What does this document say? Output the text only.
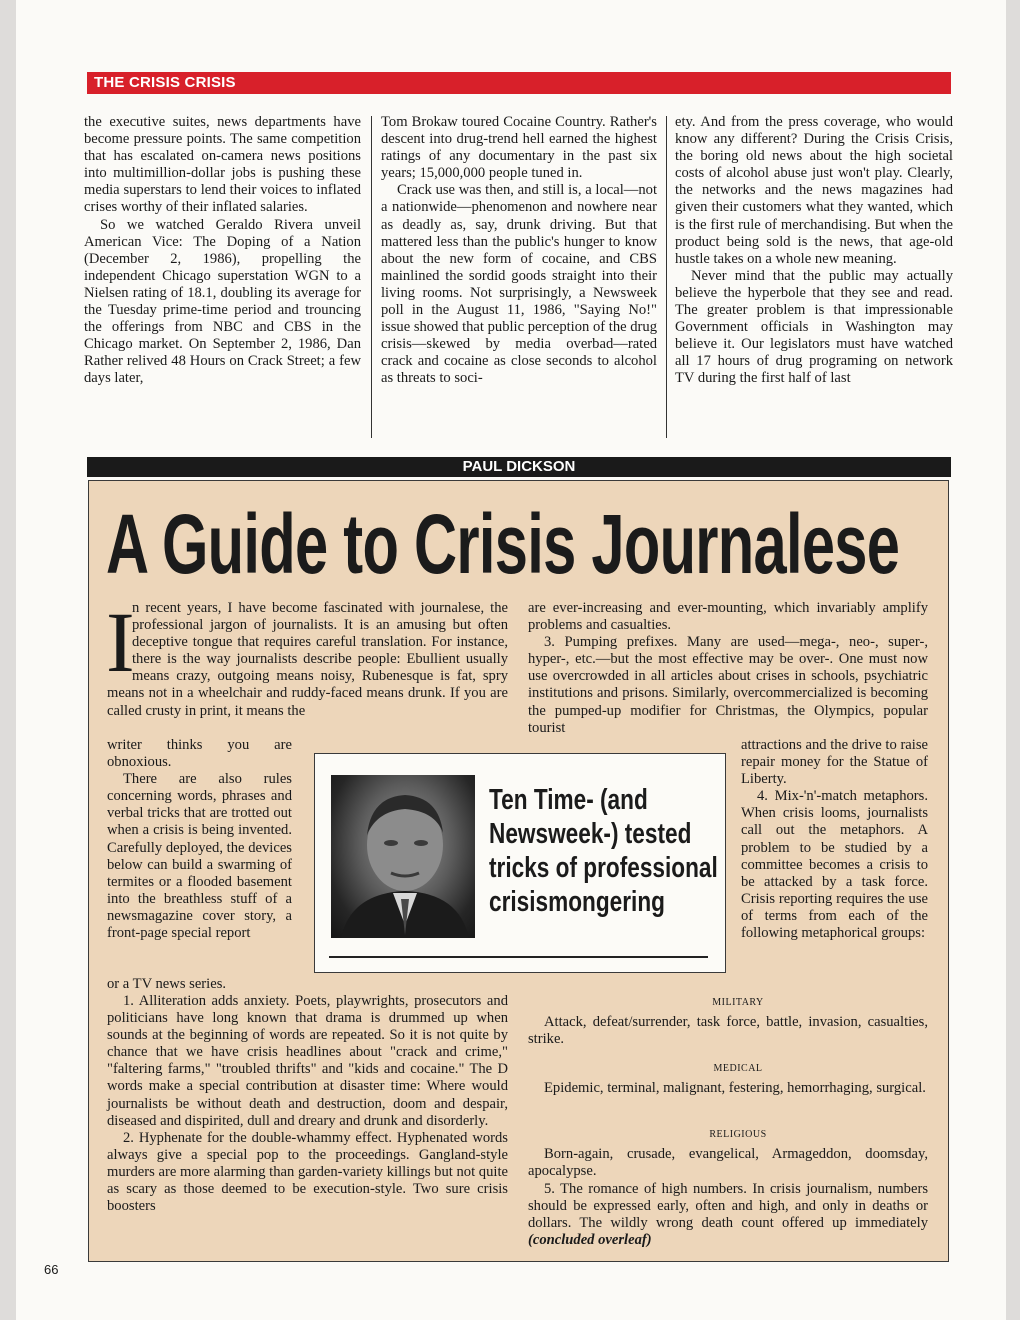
THE CRISIS CRISIS

the executive suites, news departments have become pressure points. The same competition that has escalated on-camera news positions into multimillion-dollar jobs is pushing these media superstars to lend their voices to inflated crises worthy of their inflated salaries.

So we watched Geraldo Rivera unveil American Vice: The Doping of a Nation (December 2, 1986), propelling the independent Chicago superstation WGN to a Nielsen rating of 18.1, doubling its average for the Tuesday prime-time period and trouncing the offerings from NBC and CBS in the Chicago market. On September 2, 1986, Dan Rather relived 48 Hours on Crack Street; a few days later,

Tom Brokaw toured Cocaine Country. Rather's descent into drug-trend hell earned the highest ratings of any documentary in the past six years; 15,000,000 people tuned in.

Crack use was then, and still is, a local—not a nationwide—phenomenon and nowhere near as deadly as, say, drunk driving. But that mattered less than the public's hunger to know about the new form of cocaine, and CBS mainlined the sordid goods straight into their living rooms. Not surprisingly, a Newsweek poll in the August 11, 1986, "Saying No!" issue showed that public perception of the drug crisis—skewed by media overbad—rated crack and cocaine as close seconds to alcohol as threats to soci-

ety. And from the press coverage, who would know any different? During the Crisis Crisis, the boring old news about the high societal costs of alcohol abuse just won't play. Clearly, the networks and the news magazines had given their customers what they wanted, which is the first rule of merchandising. But when the product being sold is the news, that age-old hustle takes on a whole new meaning.

Never mind that the public may actually believe the hyperbole that they see and read. The greater problem is that impressionable Government officials in Washington may believe it. Our legislators must have watched all 17 hours of drug programing on network TV during the first half of last

PAUL DICKSON
A Guide to Crisis Journalese
I

n recent years, I have become fascinated with journalese, the professional jargon of journalists. It is an amusing but often deceptive tongue that requires careful translation. For instance, there is the way journalists describe people: Ebullient usually means crazy, outgoing means noisy, Rubenesque is fat, spry means not in a wheelchair and ruddy-faced means drunk. If you are called crusty in print, it means the

writer thinks you are

obnoxious.

There are also rules concerning words, phrases and verbal tricks that are trotted out when a crisis is being invented. Carefully deployed, the devices below can build a swarming of termites or a flooded basement into the breathless stuff of a newsmagazine cover story, a front-page special report

or a TV news series.

Ten Time- (and
Newsweek-) tested
tricks of professional
crisismongering

1. Alliteration adds anxiety. Poets, playwrights, prosecutors and politicians have long known that drama is drummed up when sounds at the beginning of words are repeated. So it is not quite by chance that we have crisis headlines about "crack and crime," "faltering farms," "troubled thrifts" and "kids and cocaine." The D words make a special contribution at disaster time: Where would journalists be without death and destruction, doom and despair, diseased and dispirited, dull and dreary and drunk and disorderly.

2. Hyphenate for the double-whammy effect. Hyphenated words always give a special pop to the proceedings. Gangland-style murders are more alarming than garden-variety killings but not quite as scary as those deemed to be execution-style. Two sure crisis boosters

are ever-increasing and ever-mounting, which invariably amplify problems and casualties.

3. Pumping prefixes. Many are used—mega-, neo-, super-, hyper-, etc.—but the most effective may be over-. One must now use overcrowded in all articles about crises in schools, psychiatric institutions and prisons. Similarly, overcommercialized is becoming the pumped-up modifier for Christmas, the Olympics, popular tourist

attractions and the drive to raise repair money for the Statue of Liberty.

4. Mix-'n'-match metaphors. When crisis looms, journalists call out the metaphors. A problem to be studied by a committee becomes a crisis to be attacked by a task force. Crisis reporting requires the use of terms from each of the following metaphorical groups:

MILITARY

Attack, defeat/surrender, task force, battle, invasion, casualties, strike.

MEDICAL

Epidemic, terminal, malignant, festering, hemorrhaging, surgical.

RELIGIOUS

Born-again, crusade, evangelical, Armageddon, doomsday, apocalypse.

5. The romance of high numbers. In crisis journalism, numbers should be expressed early, often and high, and only in deaths or dollars. The wildly wrong death count offered up immediately (concluded overleaf)

66
